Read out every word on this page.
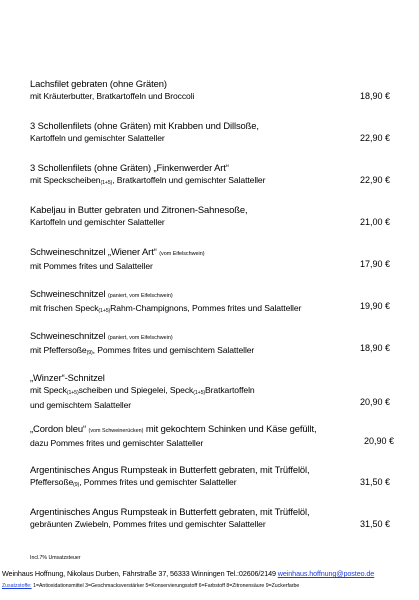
Lachsfilet gebraten (ohne Gräten)
mit Kräuterbutter, Bratkartoffeln und Broccoli	18,90 €
3 Schollenfilets (ohne Gräten) mit Krabben und Dillsoße,
Kartoffeln und gemischter Salatteller	22,90 €
3 Schollenfilets (ohne Gräten) „Finkenwerder Art“
mit Speckscheiben(1+5), Bratkartoffeln und gemischter Salatteller	22,90 €
Kabeljau in Butter gebraten und Zitronen-Sahnesoße,
Kartoffeln und gemischter Salatteller	21,00 €
Schweineschnitzel „Wiener Art“ (vom Eifelschwein)
mit Pommes frites und Salatteller	17,90 €
Schweineschnitzel (paniert, vom Eifelschwein)
mit frischen Speck(1+5)Rahm-Champignons, Pommes frites und Salatteller	19,90 €
Schweineschnitzel (paniert, vom Eifelschwein)
mit Pfeffersoße(9), Pommes frites und gemischtem Salatteller	18,90 €
„Winzer“-Schnitzel
mit Speck(1+5)scheiben und Spiegelei, Speck(1+5)Bratkartoffeln
und gemischtem Salatteller	20,90 €
„Cordon bleu“ (vom Schweinerücken) mit gekochtem Schinken und Käse gefüllt,
dazu Pommes frites und gemischter Salatteller	20,90 €
Argentinisches Angus Rumpsteak in Butterfett gebraten, mit Trüffelöl,
Pfeffersoße(9), Pommes frites und gemischter Salatteller	31,50 €
Argentinisches Angus Rumpsteak in Butterfett gebraten, mit Trüffelöl,
gebräunten Zwiebeln, Pommes frites und gemischter Salatteller	31,50 €
Incl.7% Umsatzsteuer
Weinhaus Hoffnung, Nikolaus Durben, Fährstraße 37, 56333 Winningen Tel.:02606/2149 weinhaus.hoffnung@posteo.de
Zusatzstoffe: 1=Antioxidationsmittel 3=Geschmacksverstärker 5=Konservierungsstoff 6=Farbstoff 8=Zitronensäure 9=Zuckerfarbe
